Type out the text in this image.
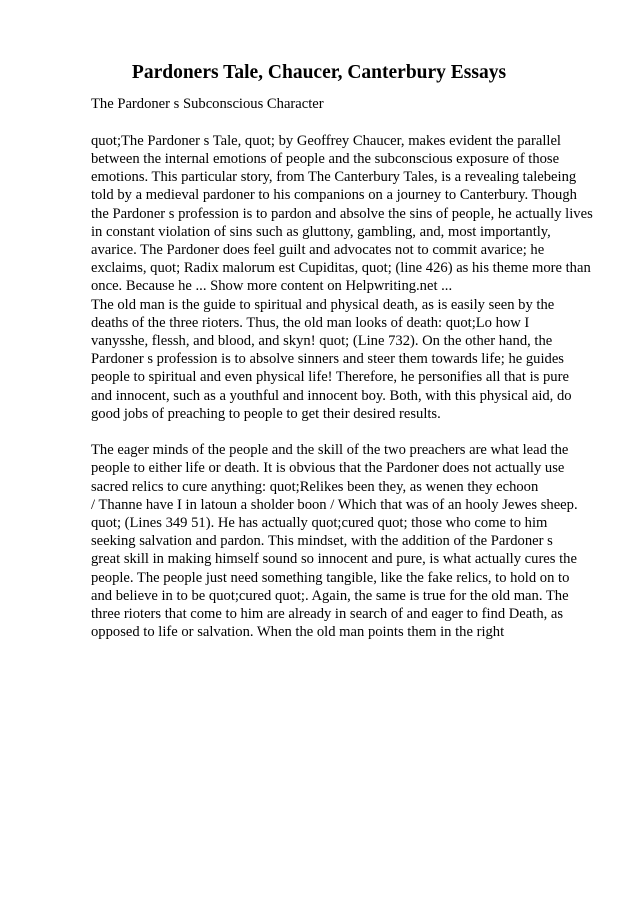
Pardoners Tale, Chaucer, Canterbury Essays
The Pardoner s Subconscious Character
quot;The Pardoner s Tale, quot; by Geoffrey Chaucer, makes evident the parallel
between the internal emotions of people and the subconscious exposure of those
emotions. This particular story, from The Canterbury Tales, is a revealing talebeing
told by a medieval pardoner to his companions on a journey to Canterbury. Though
the Pardoner s profession is to pardon and absolve the sins of people, he actually lives
in constant violation of sins such as gluttony, gambling, and, most importantly,
avarice. The Pardoner does feel guilt and advocates not to commit avarice; he
exclaims, quot; Radix malorum est Cupiditas, quot; (line 426) as his theme more than
once. Because he ... Show more content on Helpwriting.net ...
The old man is the guide to spiritual and physical death, as is easily seen by the
deaths of the three rioters. Thus, the old man looks of death: quot;Lo how I
vanysshe, flessh, and blood, and skyn! quot; (Line 732). On the other hand, the
Pardoner s profession is to absolve sinners and steer them towards life; he guides
people to spiritual and even physical life! Therefore, he personifies all that is pure
and innocent, such as a youthful and innocent boy. Both, with this physical aid, do
good jobs of preaching to people to get their desired results.
The eager minds of the people and the skill of the two preachers are what lead the
people to either life or death. It is obvious that the Pardoner does not actually use
sacred relics to cure anything: quot;Relikes been they, as wenen they echoon
/ Thanne have I in latoun a sholder boon / Which that was of an hooly Jewes sheep.
quot; (Lines 349 51). He has actually quot;cured quot; those who come to him
seeking salvation and pardon. This mindset, with the addition of the Pardoner s
great skill in making himself sound so innocent and pure, is what actually cures the
people. The people just need something tangible, like the fake relics, to hold on to
and believe in to be quot;cured quot;. Again, the same is true for the old man. The
three rioters that come to him are already in search of and eager to find Death, as
opposed to life or salvation. When the old man points them in the right
